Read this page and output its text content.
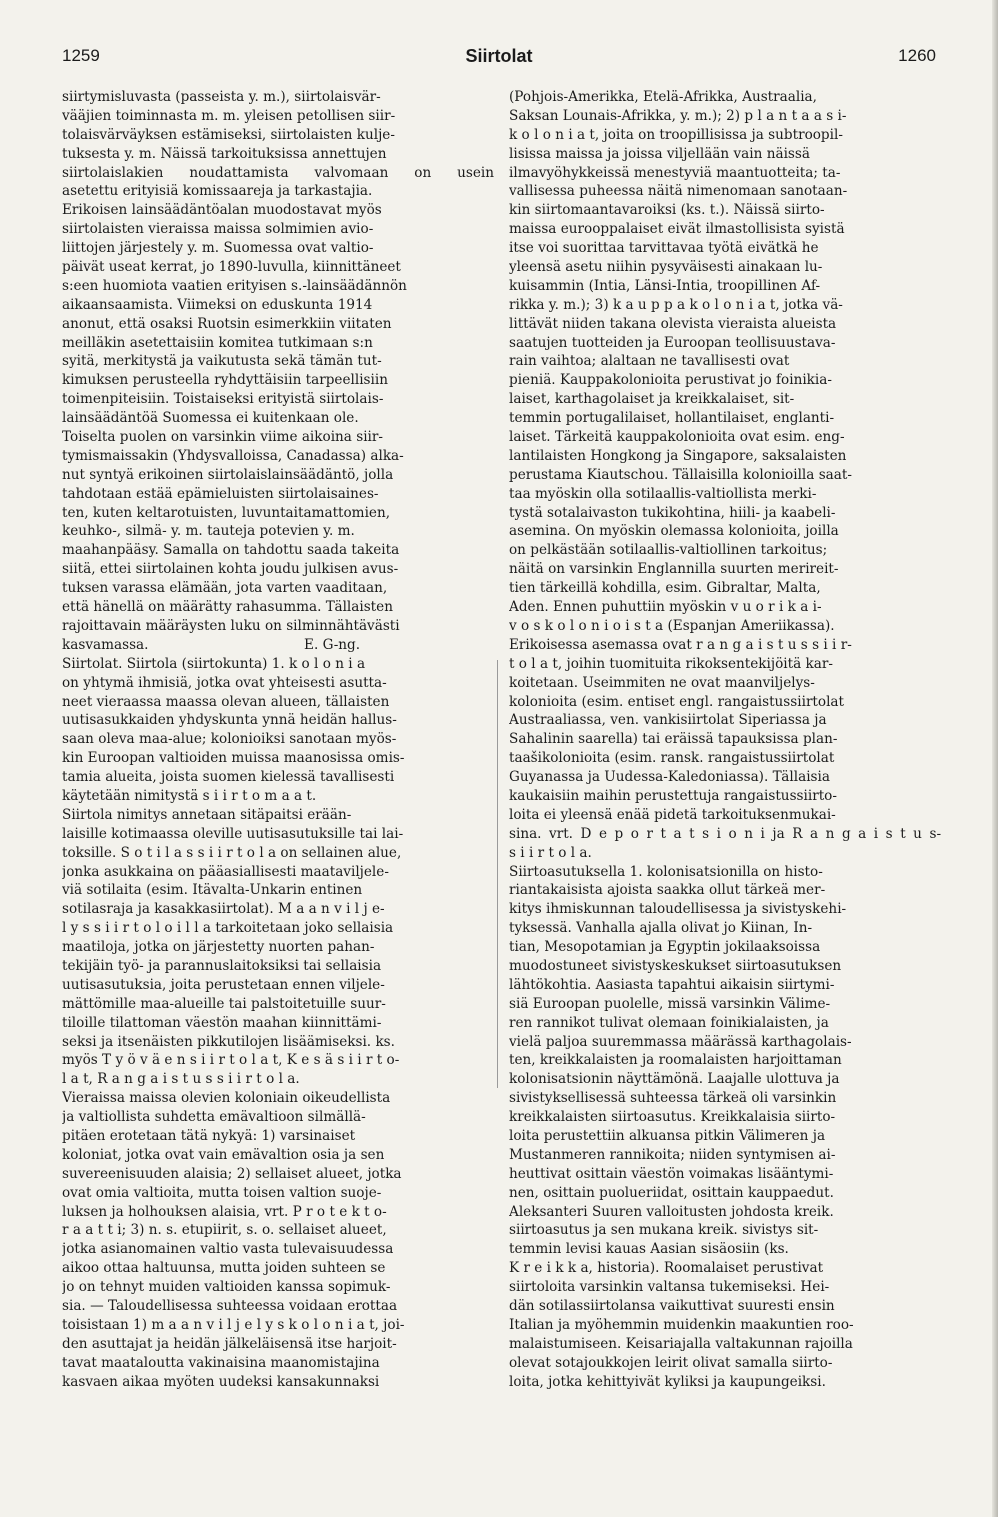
1259	Siirtolat	1260
siirtymisluvasta (passeista y. m.), siirtolaisvär-
vääjien toiminnasta m. m. yleisen petollisen siir-
tolaisvärväyksen estämiseksi, siirtolaisten kulje-
tuksesta y. m. Näissä tarkoituksissa annettujen
siirtolaislakien noudattamista valvomaan on usein
asetettu erityisiä komissaareja ja tarkastajia.
Erikoisen lainsäädäntöalan muodostavat myös
siirtolaisten vieraissa maissa solmimien avio-
liittojen järjestely y. m. Suomessa ovat valtio-
päivät useat kerrat, jo 1890-luvulla, kiinnittäneet
s:een huomiota vaatien erityisen s.-lainsäädännön
aikaansaamista. Viimeksi on eduskunta 1914
anonut, että osaksi Ruotsin esimerkkiin viitaten
meilläkin asetettaisiin komitea tutkimaan s:n
syitä, merkitystä ja vaikutusta sekä tämän tut-
kimuksen perusteella ryhdyttäisiin tarpeellisiin
toimenpiteisiin. Toistaiseksi erityistä siirtolais-
lainsäädäntöä Suomessa ei kuitenkaan ole.
Toiselta puolen on varsinkin viime aikoina siir-
tymismaissakin (Yhdysvalloissa, Canadassa) alka-
nut syntyä erikoinen siirtolaislainsäädäntö, jolla
tahdotaan estää epämieluisten siirtolaisaines-
ten, kuten keltarotuisten, luvuntaitamattomien,
keuhko-, silmä- y. m. tauteja potevien y. m.
maahanpääsy. Samalla on tahdottu saada takeita
siitä, ettei siirtolainen kohta joudu julkisen avus-
tuksen varassa elämään, jota varten vaaditaan,
että hänellä on määrätty rahasumma. Tällaisten
rajoittavain määräysten luku on silminnähtävästi
kasvamassa.                                    E. G-ng.
Siirtolat. Siirtola (siirtokunta) 1. k o l o n i a
on yhtymä ihmisiä, jotka ovat yhteisesti asutta-
neet vieraassa maassa olevan alueen, tällaisten
uutisasukkaiden yhdyskunta ynnä heidän hallus-
saan oleva maa-alue; kolonioiksi sanotaan myös-
kin Euroopan valtioiden muissa maanosissa omis-
tamia alueita, joista suomen kielessä tavallisesti
käytetään nimitystä s i i r t o m a a t.
Siirtola nimitys annetaan sitäpaitsi erään-
laisille kotimaassa oleville uutisasutuksille tai lai-
toksille. S o t i l a s s i i r t o l a on sellainen alue,
jonka asukkaina on pääasiallisesti maataviljele-
viä sotilaita (esim. Itävalta-Unkarin entinen
sotilasraja ja kasakkasiirtolat). M a a n v i l j e-
l y s s i i r t o l o i l l a tarkoitetaan joko sellaisia
maatiloja, jotka on järjestetty nuorten pahan-
tekijäin työ- ja parannuslaitoksiksi tai sellaisia
uutisasutuksia, joita perustetaan ennen viljele-
mättömille maa-alueille tai palstoitetuille suur-
tiloille tilattoman väestön maahan kiinnittämi-
seksi ja itsenäisten pikkutilojen lisäämiseksi. ks.
myös T y ö v ä e n s i i r t o l a t, K e s ä s i i r t o-
l a t, R a n g a i s t u s s i i r t o l a.
Vieraissa maissa olevien koloniain oikeudellista
ja valtiollista suhdetta emävaltioon silmällä-
pitäen erotetaan tätä nykyä: 1) varsinaiset
koloniat, jotka ovat vain emävaltion osia ja sen
suvereenisuuden alaisia; 2) sellaiset alueet, jotka
ovat omia valtioita, mutta toisen valtion suoje-
luksen ja holhouksen alaisia, vrt. P r o t e k t o-
r a a t t i; 3) n. s. etupiirit, s. o. sellaiset alueet,
jotka asianomainen valtio vasta tulevaisuudessa
aikoo ottaa haltuunsa, mutta joiden suhteen se
jo on tehnyt muiden valtioiden kanssa sopimuk-
sia. — Taloudellisessa suhteessa voidaan erottaa
toisistaan 1) m a a n v i l j e l y s k o l o n i a t, joi-
den asuttajat ja heidän jälkeläisensä itse harjoit-
tavat maataloutta vakinaisina maanomistajina
kasvaen aikaa myöten uudeksi kansakunnaksi
(Pohjois-Amerikka, Etelä-Afrikka, Austraalia,
Saksan Lounais-Afrikka, y. m.); 2) p l a n t a a s i-
k o l o n i a t, joita on troopillisissa ja subtroopil-
lisissa maissa ja joissa viljellään vain näissä
ilmavyöhykkeissä menestyviä maantuotteita; ta-
vallisessa puheessa näitä nimenomaan sanotaan-
kin siirtomaantavaroiksi (ks. t.). Näissä siirto-
maissa eurooppalaiset eivät ilmastollisista syistä
itse voi suorittaa tarvittavaa työtä eivätkä he
yleensä asetu niihin pysyväisesti ainakaan lu-
kuisammin (Intia, Länsi-Intia, troopillinen Af-
rikka y. m.); 3) k a u p p a k o l o n i a t, jotka vä-
littävät niiden takana olevista vieraista alueista
saatujen tuotteiden ja Euroopan teollisuustava-
rain vaihtoa; alaltaan ne tavallisesti ovat
pieniä. Kauppakolonioita perustivat jo foinikia-
laiset, karthagolaiset ja kreikkalaiset, sit-
temmin portugalilaiset, hollantilaiset, englanti-
laiset. Tärkeitä kauppakolonioita ovat esim. eng-
lantilaisten Hongkong ja Singapore, saksalaisten
perustama Kiautschou. Tällaisilla kolonioilla saat-
taa myöskin olla sotilaallis-valtiollista merki-
tystä sotalaivaston tukikohtina, hiili- ja kaabeli-
asemina. On myöskin olemassa kolonioita, joilla
on pelkästään sotilaallis-valtiollinen tarkoitus;
näitä on varsinkin Englannilla suurten merireit-
tien tärkeillä kohdilla, esim. Gibraltar, Malta,
Aden. Ennen puhuttiin myöskin v u o r i k a i-
v o s k o l o n i o i s t a (Espanjan Ameriikassa).
Erikoisessa asemassa ovat r a n g a i s t u s s i i r-
t o l a t, joihin tuomituita rikoksentekijöitä kar-
koitetaan. Useimmiten ne ovat maanviljelys-
kolonioita (esim. entiset engl. rangaistussiirtolat
Austraaliassa, ven. vankisiirtolat Siperiassa ja
Sahalinin saarella) tai eräissä tapauksissa plan-
taašikolonioita (esim. ransk. rangaistussiirtolat
Guyanassa ja Uudessa-Kaledoniassa). Tällaisia
kaukaisiin maihin perustettuja rangaistussiirto-
loita ei yleensä enää pidetä tarkoituksenmukai-
sina. vrt. D e p o r t a t s i o n i ja R a n g a i s t u s-
s i i r t o l a.
Siirtoasutuksella 1. kolonisatsionilla on histo-
riantakaisista ajoista saakka ollut tärkeä mer-
kitys ihmiskunnan taloudellisessa ja sivistyskehi-
tyksessä. Vanhalla ajalla olivat jo Kiinan, In-
tian, Mesopotamian ja Egyptin jokilaaksoissa
muodostuneet sivistyskeskukset siirtoasutuksen
lähtökohtia. Aasiasta tapahtui aikaisin siirtymi-
siä Euroopan puolelle, missä varsinkin Välime-
ren rannikot tulivat olemaan foinikialaisten, ja
vielä paljoa suuremmassa määrässä karthagolais-
ten, kreikkalaisten ja roomalaisten harjoittaman
kolonisatsionin näyttämönä. Laajalle ulottuva ja
sivistyksellisessä suhteessa tärkeä oli varsinkin
kreikkalaisten siirtoasutus. Kreikkalaisia siirto-
loita perustettiin alkuansa pitkin Välimeren ja
Mustanmeren rannikoita; niiden syntymisen ai-
heuttivat osittain väestön voimakas lisääntymi-
nen, osittain puolueriidat, osittain kauppaedut.
Aleksanteri Suuren valloitusten johdosta kreik.
siirtoasutus ja sen mukana kreik. sivistys sit-
temmin levisi kauas Aasian sisäosiin (ks.
K r e i k k a, historia). Roomalaiset perustivat
siirtoloita varsinkin valtansa tukemiseksi. Hei-
dän sotilassiirtolansa vaikuttivat suuresti ensin
Italian ja myöhemmin muidenkin maakuntien roo-
malaistumiseen. Keisariajalla valtakunnan rajoilla
olevat sotajoukkojen leirit olivat samalla siirto-
loita, jotka kehittyivät kyliksi ja kaupungeiksi.
